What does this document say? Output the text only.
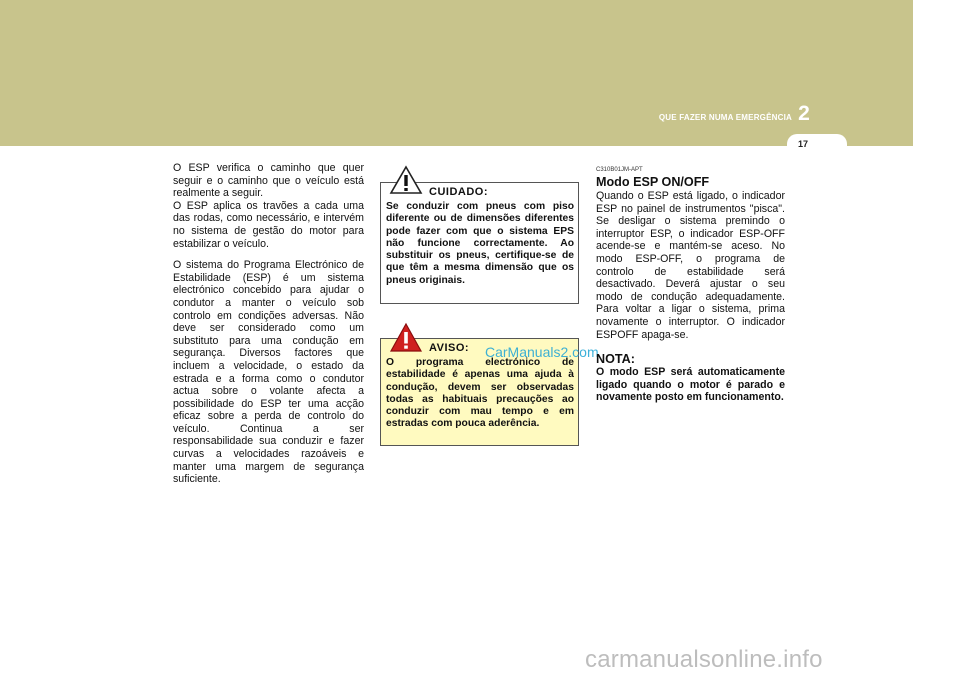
QUE FAZER NUMA EMERGÊNCIA 2
17

O ESP verifica o caminho que quer seguir e o caminho que o veículo está realmente a seguir.

O ESP aplica os travões a cada uma das rodas, como necessário, e intervém no sistema de gestão do motor para estabilizar o veículo.

O sistema do Programa Electrónico de Estabilidade (ESP) é um sistema electrónico concebido para ajudar o condutor a manter o veículo sob controlo em condições adversas. Não deve ser considerado como um substituto para uma condução em segurança. Diversos factores que incluem a velocidade, o estado da estrada e a forma como o condutor actua sobre o volante afecta a possibilidade do ESP ter uma acção eficaz sobre a perda de controlo do veículo. Continua a ser responsabilidade sua conduzir e fazer curvas a velocidades razoáveis e manter uma margem de segurança suficiente.

CUIDADO:
Se conduzir com pneus com piso diferente ou de dimensões diferentes pode fazer com que o sistema EPS não funcione correctamente. Ao substituir os pneus, certifique-se de que têm a mesma dimensão que os pneus originais.
AVISO:
O programa electrónico de estabilidade é apenas uma ajuda à condução, devem ser observadas todas as habituais precauções ao conduzir com mau tempo e em estradas com pouca aderência.
CarManuals2.com

C310B01JM-APT

Modo ESP ON/OFF

Quando o ESP está ligado, o indicador ESP no painel de instrumentos "pisca". Se desligar o sistema premindo o interruptor ESP, o indicador ESP-OFF acende-se e mantém-se aceso. No modo ESP-OFF, o programa de controlo de estabilidade será desactivado. Deverá ajustar o seu modo de condução adequadamente. Para voltar a ligar o sistema, prima novamente o interruptor. O indicador ESPOFF apaga-se.

NOTA:

O modo ESP será automaticamente ligado quando o motor é parado e novamente posto em funcionamento.

carmanualsonline.info
